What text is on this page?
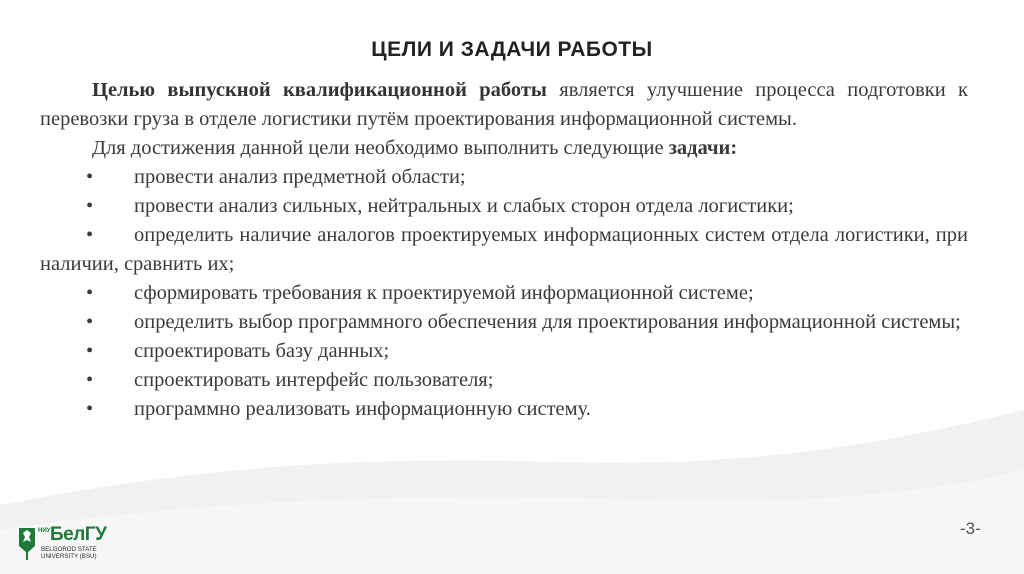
ЦЕЛИ И ЗАДАЧИ РАБОТЫ

Целью выпускной квалификационной работы является улучшение процесса подготовки к перевозки груза в отделе логистики путём проектирования информационной системы.

Для достижения данной цели необходимо выполнить следующие задачи:

• провести анализ предметной области;
• провести анализ сильных, нейтральных и слабых сторон отдела логистики;
• определить наличие аналогов проектируемых информационных систем отдела логистики, при наличии, сравнить их;
• сформировать требования к проектируемой информационной системе;
• определить выбор программного обеспечения для проектирования информационной системы;
• спроектировать базу данных;
• спроектировать интерфейс пользователя;
• программно реализовать информационную систему.
НИУ БелГУ
BELGOROD STATE
UNIVERSITY (BSU)
-3-
